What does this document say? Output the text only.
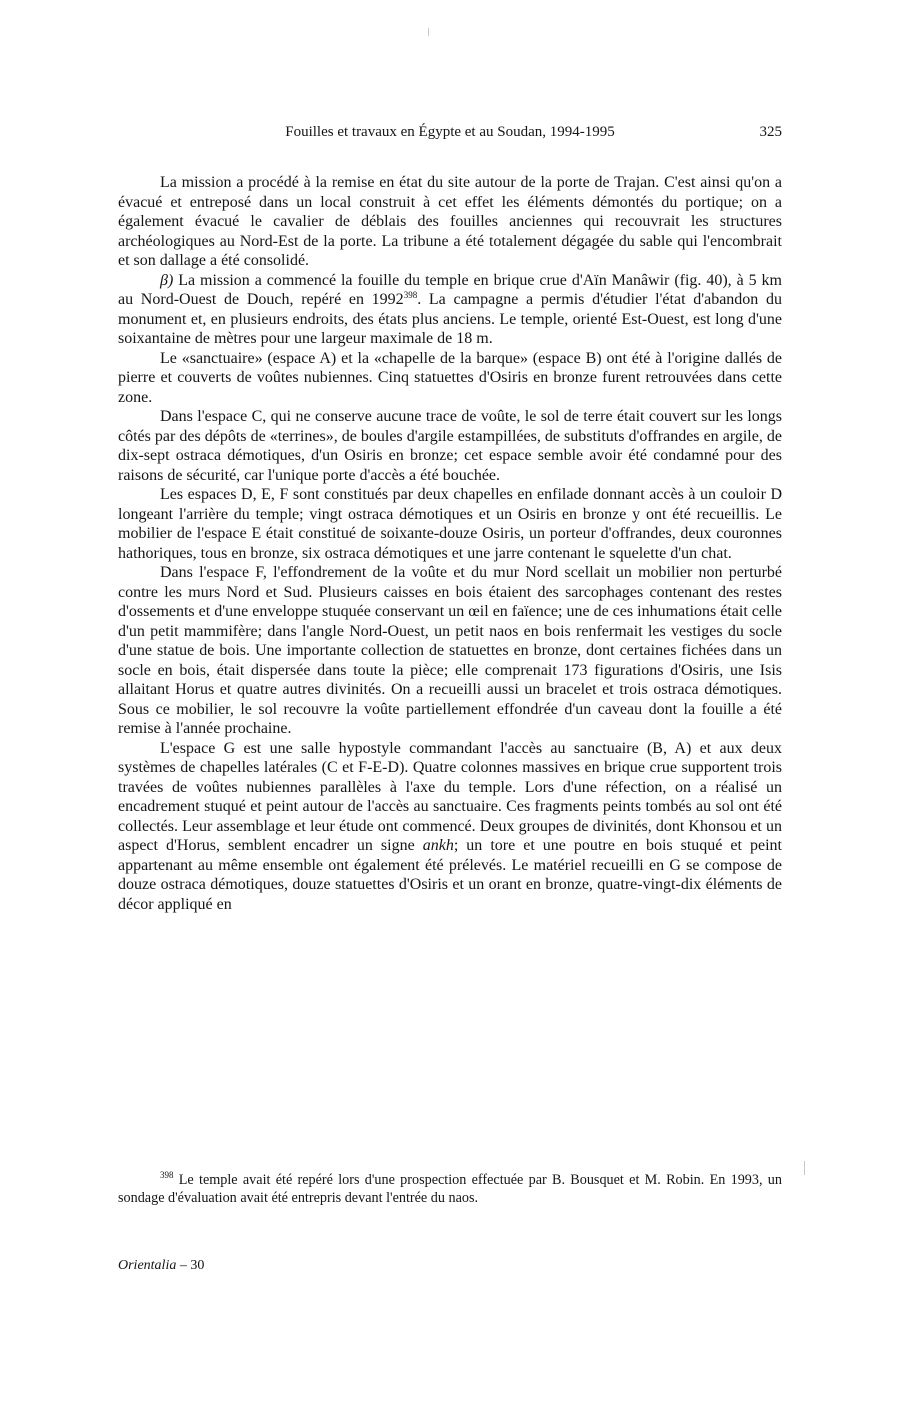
Fouilles et travaux en Égypte et au Soudan, 1994-1995	325

La mission a procédé à la remise en état du site autour de la porte de Trajan. C'est ainsi qu'on a évacué et entreposé dans un local construit à cet effet les éléments démontés du portique; on a également évacué le cavalier de déblais des fouilles anciennes qui recouvrait les structures archéologiques au Nord-Est de la porte. La tribune a été totalement dégagée du sable qui l'encombrait et son dallage a été consolidé.

β) La mission a commencé la fouille du temple en brique crue d'Aïn Manâwir (fig. 40), à 5 km au Nord-Ouest de Douch, repéré en 1992$^{398}$. La campagne a permis d'étudier l'état d'abandon du monument et, en plusieurs endroits, des états plus anciens. Le temple, orienté Est-Ouest, est long d'une soixantaine de mètres pour une largeur maximale de 18 m.

Le «sanctuaire» (espace A) et la «chapelle de la barque» (espace B) ont été à l'origine dallés de pierre et couverts de voûtes nubiennes. Cinq statuettes d'Osiris en bronze furent retrouvées dans cette zone.

Dans l'espace C, qui ne conserve aucune trace de voûte, le sol de terre était couvert sur les longs côtés par des dépôts de «terrines», de boules d'argile estampillées, de substituts d'offrandes en argile, de dix-sept ostraca démotiques, d'un Osiris en bronze; cet espace semble avoir été condamné pour des raisons de sécurité, car l'unique porte d'accès a été bouchée.

Les espaces D, E, F sont constitués par deux chapelles en enfilade donnant accès à un couloir D longeant l'arrière du temple; vingt ostraca démotiques et un Osiris en bronze y ont été recueillis. Le mobilier de l'espace E était constitué de soixante-douze Osiris, un porteur d'offrandes, deux couronnes hathoriques, tous en bronze, six ostraca démotiques et une jarre contenant le squelette d'un chat.

Dans l'espace F, l'effondrement de la voûte et du mur Nord scellait un mobilier non perturbé contre les murs Nord et Sud. Plusieurs caisses en bois étaient des sarcophages contenant des restes d'ossements et d'une enveloppe stuquée conservant un œil en faïence; une de ces inhumations était celle d'un petit mammifère; dans l'angle Nord-Ouest, un petit naos en bois renfermait les vestiges du socle d'une statue de bois. Une importante collection de statuettes en bronze, dont certaines fichées dans un socle en bois, était dispersée dans toute la pièce; elle comprenait 173 figurations d'Osiris, une Isis allaitant Horus et quatre autres divinités. On a recueilli aussi un bracelet et trois ostraca démotiques. Sous ce mobilier, le sol recouvre la voûte partiellement effondrée d'un caveau dont la fouille a été remise à l'année prochaine.

L'espace G est une salle hypostyle commandant l'accès au sanctuaire (B, A) et aux deux systèmes de chapelles latérales (C et F-E-D). Quatre colonnes massives en brique crue supportent trois travées de voûtes nubiennes parallèles à l'axe du temple. Lors d'une réfection, on a réalisé un encadrement stuqué et peint autour de l'accès au sanctuaire. Ces fragments peints tombés au sol ont été collectés. Leur assemblage et leur étude ont commencé. Deux groupes de divinités, dont Khonsou et un aspect d'Horus, semblent encadrer un signe ankh; un tore et une poutre en bois stuqué et peint appartenant au même ensemble ont également été prélevés. Le matériel recueilli en G se compose de douze ostraca démotiques, douze statuettes d'Osiris et un orant en bronze, quatre-vingt-dix éléments de décor appliqué en

$^{398}$ Le temple avait été repéré lors d'une prospection effectuée par B. Bousquet et M. Robin. En 1993, un sondage d'évaluation avait été entrepris devant l'entrée du naos.

Orientalia – 30
